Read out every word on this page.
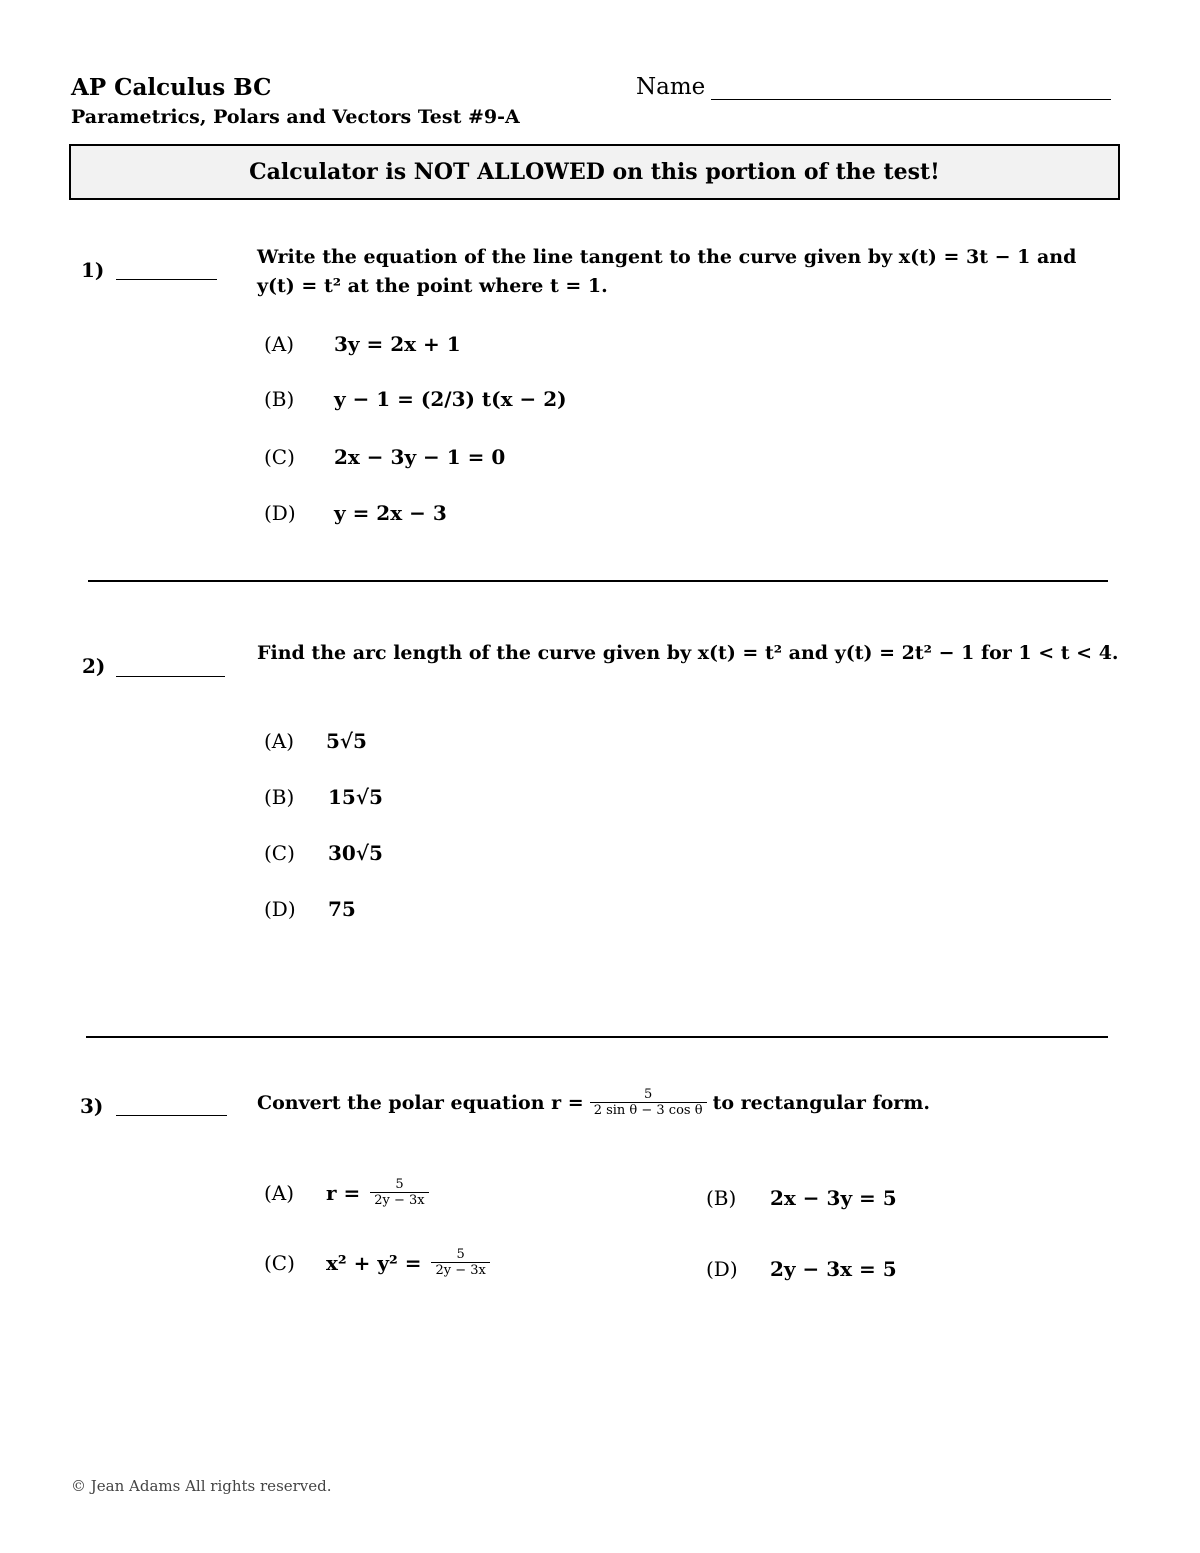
AP Calculus BC
Parametrics, Polars and Vectors Test #9-A
Name
Calculator is NOT ALLOWED on this portion of the test!
1)
Write the equation of the line tangent to the curve given by x(t) = 3t − 1 and
y(t) = t² at the point where t = 1.
(A)	3y = 2x + 1
(B)	y − 1 = (2/3) t(x − 2)
(C)	2x − 3y − 1 = 0
(D)	y = 2x − 3
2)
Find the arc length of the curve given by x(t) = t² and y(t) = 2t² − 1 for 1 < t < 4.
(A)	5√5
(B)	15√5
(C)	30√5
(D)	75
3)	Convert the polar equation $r = \frac{5}{\text{2 sin θ − 3 cos θ}}$ to rectangular form.
(A)	$r = \frac{5}{2y - 3x}$	(B)	2x − 3y = 5
(C)	$x^2 + y^2 = \frac{5}{2y - 3x}$	(D)	2y − 3x = 5
© Jean Adams All rights reserved.
